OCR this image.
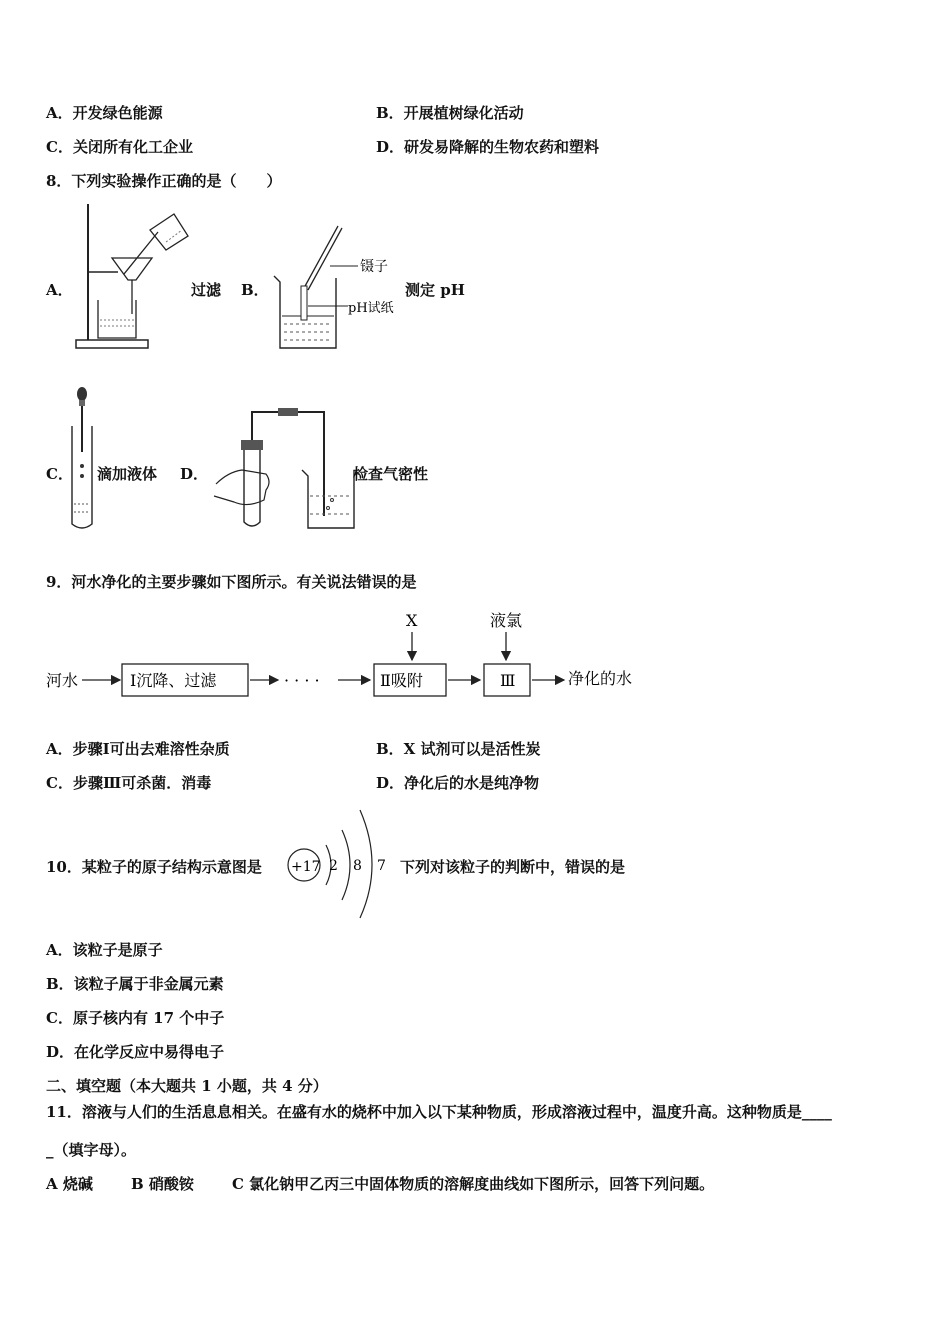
A．开发绿色能源	B．开展植树绿化活动
C．关闭所有化工企业	D．研发易降解的生物农药和塑料
8．下列实验操作正确的是（　　）
A．	过滤 B．
镊子
pH试纸
测定 pH
C． 滴加液体 D．	检查气密性
9．河水净化的主要步骤如下图所示。有关说法错误的是
河水	Ⅰ沉降、过滤	· · · ·
X
Ⅱ吸附
液氯
Ⅲ	净化的水
A．步骤Ⅰ可出去难溶性杂质	B．X 试剂可以是活性炭
C．步骤Ⅲ可杀菌．消毒	D．净化后的水是纯净物
10．某粒子的原子结构示意图是 +17 2 8 7 下列对该粒子的判断中，错误的是
A．该粒子是原子
B．该粒子属于非金属元素
C．原子核内有 17 个中子
D．在化学反应中易得电子
二、填空题（本大题共 1 小题，共 4 分）
11．溶液与人们的生活息息相关。在盛有水的烧杯中加入以下某种物质，形成溶液过程中，温度升高。这种物质是____
_（填字母）。
A 烧碱	B 硝酸铵	C 氯化钠甲乙丙三中固体物质的溶解度曲线如下图所示，回答下列问题。
